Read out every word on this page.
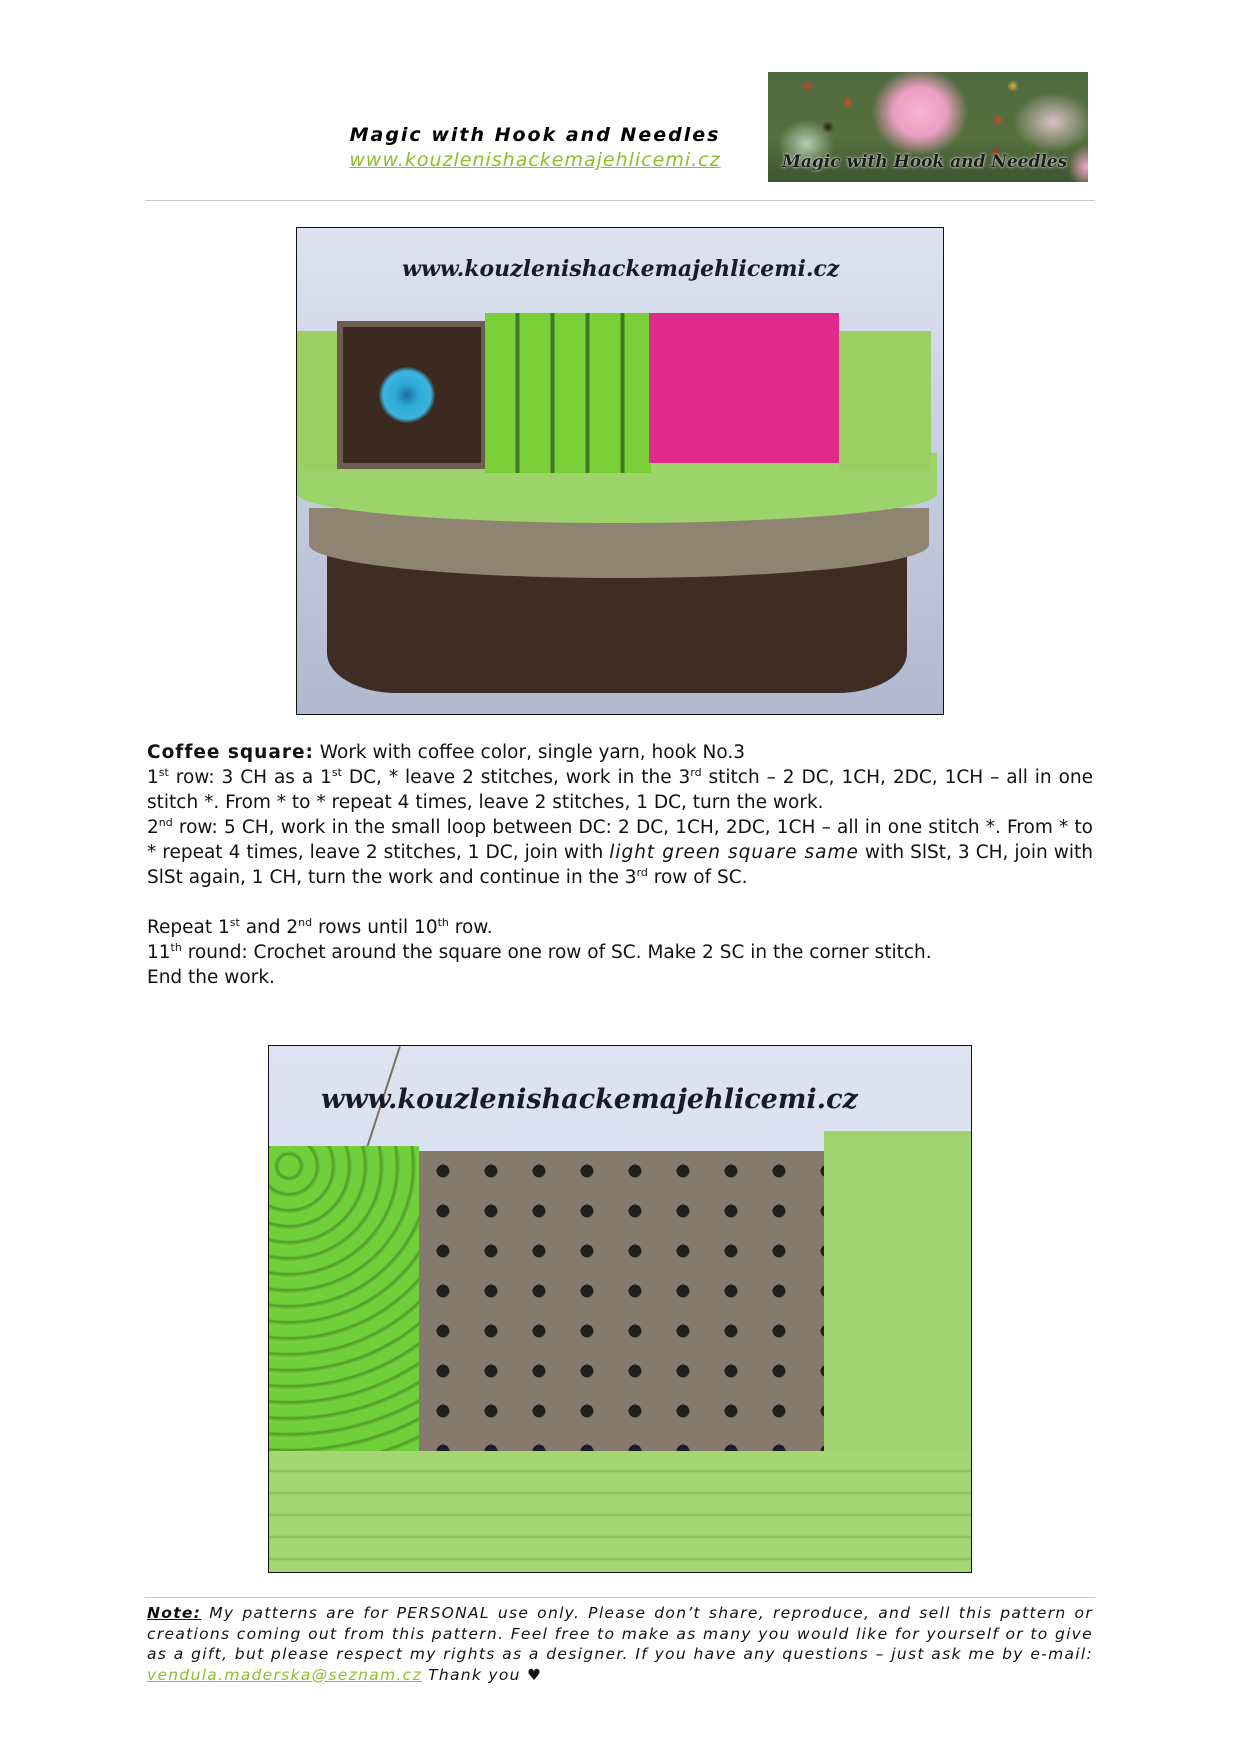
Magic with Hook and Needles
www.kouzlenishackemajehlicemi.cz	Magic with Hook and Needles
www.kouzlenishackemajehlicemi.cz
Coffee square: Work with coffee color, single yarn, hook No.3
1st row: 3 CH as a 1st DC, * leave 2 stitches, work in the 3rd stitch – 2 DC, 1CH, 2DC, 1CH – all in one stitch *. From * to * repeat 4 times, leave 2 stitches, 1 DC, turn the work.
2nd row: 5 CH, work in the small loop between DC: 2 DC, 1CH, 2DC, 1CH – all in one stitch *. From * to * repeat 4 times, leave 2 stitches, 1 DC, join with light green square same with SlSt, 3 CH, join with SlSt again, 1 CH, turn the work and continue in the 3rd row of SC.
Repeat 1st and 2nd rows until 10th row.
11th round: Crochet around the square one row of SC. Make 2 SC in the corner stitch.
End the work.
www.kouzlenishackemajehlicemi.cz
Note: My patterns are for PERSONAL use only. Please don’t share, reproduce, and sell this pattern or creations coming out from this pattern. Feel free to make as many you would like for yourself or to give as a gift, but please respect my rights as a designer. If you have any questions – just ask me by e-mail: vendula.maderska@seznam.cz Thank you ♥
